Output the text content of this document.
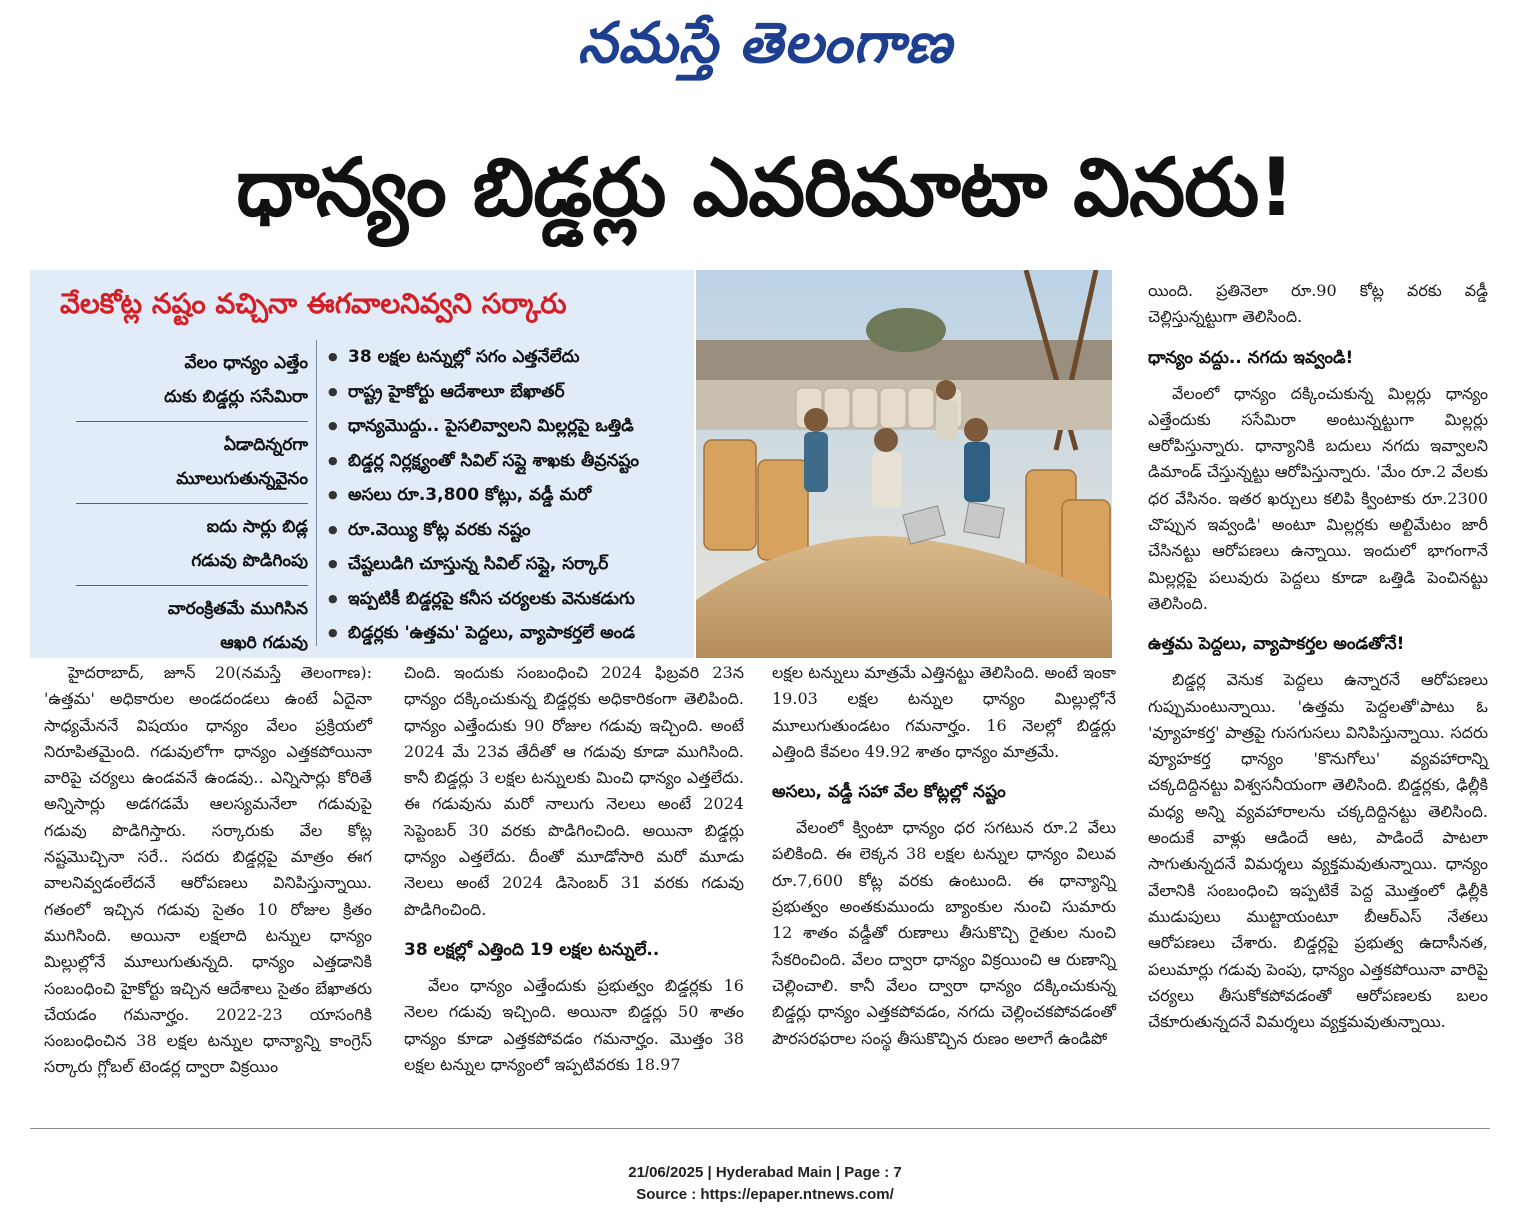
నమస్తే తెలంగాణ
ధాన్యం బిడ్డర్లు ఎవరిమాటా వినరు!
వేలకోట్ల నష్టం వచ్చినా ఈగవాలనివ్వని సర్కారు
వేలం ధాన్యం ఎత్తేం
దుకు బిడ్డర్లు ససేమిరా
ఏడాదిన్నరగా
మూలుగుతున్నవైనం
ఐదు సార్లు బిడ్ల
గడువు పొడిగింపు
వారంక్రితమే ముగిసిన
ఆఖరి గడువు
● 38 లక్షల టన్నుల్లో సగం ఎత్తనేలేదు
● రాష్ట్ర హైకోర్టు ఆదేశాలూ బేఖాతర్
● ధాన్యమొద్దు.. పైసలివ్వాలని మిల్లర్లపై ఒత్తిడి
● బిడ్డర్ల నిర్లక్ష్యంతో సివిల్ సప్లై శాఖకు తీవ్రనష్టం
● అసలు రూ.3,800 కోట్లు, వడ్డీ మరో
● రూ.వెయ్యి కోట్ల వరకు నష్టం
● చేష్టలుడిగి చూస్తున్న సివిల్ సప్లై, సర్కార్
● ఇప్పటికీ బిడ్డర్లపై కనీస చర్యలకు వెనుకడుగు
● బిడ్డర్లకు 'ఉత్తమ' పెద్దలు, వ్యాపాకర్తలే అండ

హైదరాబాద్, జూన్ 20(నమస్తే తెలంగాణ): 'ఉత్తమ' అధికారుల అండదండలు ఉంటే ఏదైనా సాధ్యమేననే విషయం ధాన్యం వేలం ప్రక్రియలో నిరూపితమైంది. గడువులోగా ధాన్యం ఎత్తకపోయినా వారిపై చర్యలు ఉండవనే ఉండవు.. ఎన్నిసార్లు కోరితే అన్నిసార్లు అడగడమే ఆలస్యమనేలా గడువుపై గడువు పొడిగిస్తారు. సర్కారుకు వేల కోట్ల నష్టమొచ్చినా సరే.. సదరు బిడ్డర్లపై మాత్రం ఈగ వాలనివ్వడంలేదనే ఆరోపణలు వినిపిస్తున్నాయి. గతంలో ఇచ్చిన గడువు సైతం 10 రోజుల క్రితం ముగిసింది. అయినా లక్షలాది టన్నుల ధాన్యం మిల్లుల్లోనే మూలుగుతున్నది. ధాన్యం ఎత్తడానికి సంబంధించి హైకోర్టు ఇచ్చిన ఆదేశాలు సైతం బేఖాతరు చేయడం గమనార్హం. 2022-23 యాసంగికి సంబంధించిన 38 లక్షల టన్నుల ధాన్యాన్ని కాంగ్రెస్ సర్కారు గ్లోబల్ టెండర్ల ద్వారా విక్రయిం

చింది. ఇందుకు సంబంధించి 2024 ఫిబ్రవరి 23న ధాన్యం దక్కించుకున్న బిడ్డర్లకు అధికారికంగా తెలిపింది. ధాన్యం ఎత్తేందుకు 90 రోజుల గడువు ఇచ్చింది. అంటే 2024 మే 23వ తేదీతో ఆ గడువు కూడా ముగిసింది. కానీ బిడ్డర్లు 3 లక్షల టన్నులకు మించి ధాన్యం ఎత్తలేదు. ఈ గడువును మరో నాలుగు నెలలు అంటే 2024 సెప్టెంబర్ 30 వరకు పొడిగించింది. అయినా బిడ్డర్లు ధాన్యం ఎత్తలేదు. దీంతో మూడోసారి మరో మూడు నెలలు అంటే 2024 డిసెంబర్ 31 వరకు గడువు పొడిగించింది.

38 లక్షల్లో ఎత్తింది 19 లక్షల టన్నులే..

వేలం ధాన్యం ఎత్తేందుకు ప్రభుత్వం బిడ్డర్లకు 16 నెలల గడువు ఇచ్చింది. అయినా బిడ్డర్లు 50 శాతం ధాన్యం కూడా ఎత్తకపోవడం గమనార్హం. మొత్తం 38 లక్షల టన్నుల ధాన్యంలో ఇప్పటివరకు 18.97

లక్షల టన్నులు మాత్రమే ఎత్తినట్టు తెలిసింది. అంటే ఇంకా 19.03 లక్షల టన్నుల ధాన్యం మిల్లుల్లోనే మూలుగుతుండటం గమనార్హం. 16 నెలల్లో బిడ్డర్లు ఎత్తింది కేవలం 49.92 శాతం ధాన్యం మాత్రమే.

అసలు, వడ్డీ సహా వేల కోట్లల్లో నష్టం

వేలంలో క్వింటా ధాన్యం ధర సగటున రూ.2 వేలు పలికింది. ఈ లెక్కన 38 లక్షల టన్నుల ధాన్యం విలువ రూ.7,600 కోట్ల వరకు ఉంటుంది. ఈ ధాన్యాన్ని ప్రభుత్వం అంతకుముందు బ్యాంకుల నుంచి సుమారు 12 శాతం వడ్డీతో రుణాలు తీసుకొచ్చి రైతుల నుంచి సేకరించింది. వేలం ద్వారా ధాన్యం విక్రయించి ఆ రుణాన్ని చెల్లించాలి. కానీ వేలం ద్వారా ధాన్యం దక్కించుకున్న బిడ్డర్లు ధాన్యం ఎత్తకపోవడం, నగదు చెల్లించకపోవడంతో పౌరసరఫరాల సంస్థ తీసుకొచ్చిన రుణం అలాగే ఉండిపో

యింది. ప్రతినెలా రూ.90 కోట్ల వరకు వడ్డీ చెల్లిస్తున్నట్టుగా తెలిసింది.

ధాన్యం వద్దు.. నగదు ఇవ్వండి!

వేలంలో ధాన్యం దక్కించుకున్న మిల్లర్లు ధాన్యం ఎత్తేందుకు ససేమిరా అంటున్నట్టుగా మిల్లర్లు ఆరోపిస్తున్నారు. ధాన్యానికి బదులు నగదు ఇవ్వాలని డిమాండ్ చేస్తున్నట్టు ఆరోపిస్తున్నారు. 'మేం రూ.2 వేలకు ధర వేసినం. ఇతర ఖర్చులు కలిపి క్వింటాకు రూ.2300 చొప్పున ఇవ్వండి' అంటూ మిల్లర్లకు అల్టిమేటం జారీ చేసినట్టు ఆరోపణలు ఉన్నాయి. ఇందులో భాగంగానే మిల్లర్లపై పలువురు పెద్దలు కూడా ఒత్తిడి పెంచినట్టు తెలిసింది.

ఉత్తమ పెద్దలు, వ్యాపాకర్తల అండతోనే!

బిడ్డర్ల వెనుక పెద్దలు ఉన్నారనే ఆరోపణలు గుప్పుమంటున్నాయి. 'ఉత్తమ పెద్దలతో'పాటు ఓ 'వ్యూహకర్త' పాత్రపై గుసగుసలు వినిపిస్తున్నాయి. సదరు వ్యూహకర్త ధాన్యం 'కొనుగోలు' వ్యవహారాన్ని చక్కదిద్దినట్టు విశ్వసనీయంగా తెలిసింది. బిడ్డర్లకు, ఢిల్లీకి మధ్య అన్ని వ్యవహారాలను చక్కదిద్దినట్టు తెలిసింది. అందుకే వాళ్లు ఆడిందే ఆట, పాడిందే పాటలా సాగుతున్నదనే విమర్శలు వ్యక్తమవుతున్నాయి. ధాన్యం వేలానికి సంబంధించి ఇప్పటికే పెద్ద మొత్తంలో ఢిల్లీకి ముడుపులు ముట్టాయంటూ బీఆర్ఎస్ నేతలు ఆరోపణలు చేశారు. బిడ్డర్లపై ప్రభుత్వ ఉదాసీనత, పలుమార్లు గడువు పెంపు, ధాన్యం ఎత్తకపోయినా వారిపై చర్యలు తీసుకోకపోవడంతో ఆరోపణలకు బలం చేకూరుతున్నదనే విమర్శలు వ్యక్తమవుతున్నాయి.

21/06/2025 | Hyderabad Main | Page : 7
Source : https://epaper.ntnews.com/
